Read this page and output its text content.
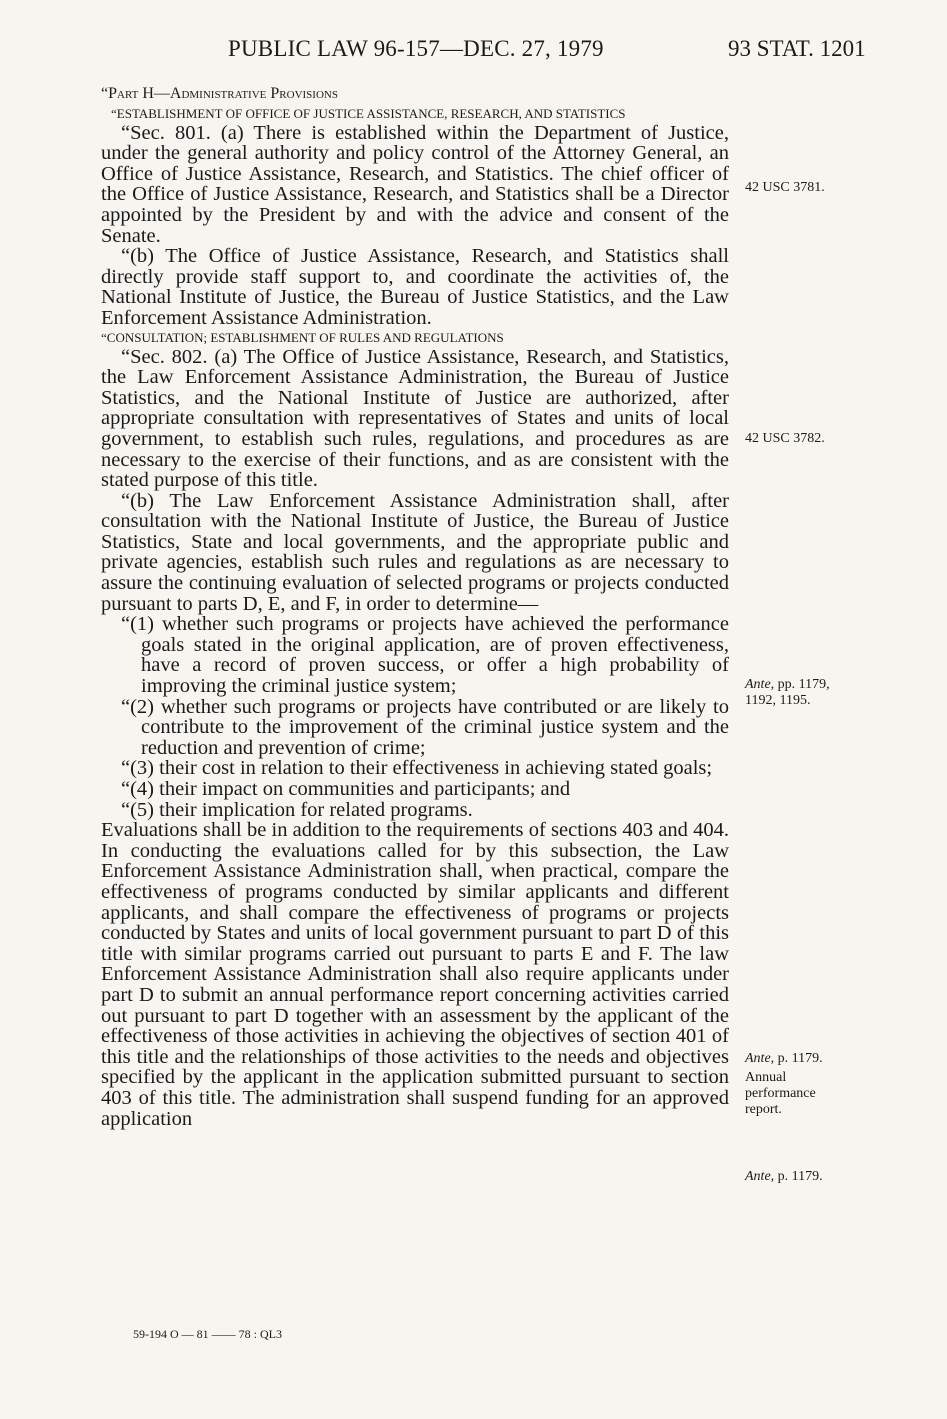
PUBLIC LAW 96-157—DEC. 27, 1979	93 STAT. 1201

“Part H—Administrative Provisions

“ESTABLISHMENT OF OFFICE OF JUSTICE ASSISTANCE, RESEARCH, AND STATISTICS

“Sec. 801. (a) There is established within the Department of Justice, under the general authority and policy control of the Attorney General, an Office of Justice Assistance, Research, and Statistics. The chief officer of the Office of Justice Assistance, Research, and Statistics shall be a Director appointed by the President by and with the advice and consent of the Senate.

“(b) The Office of Justice Assistance, Research, and Statistics shall directly provide staff support to, and coordinate the activities of, the National Institute of Justice, the Bureau of Justice Statistics, and the Law Enforcement Assistance Administration.

“CONSULTATION; ESTABLISHMENT OF RULES AND REGULATIONS

“Sec. 802. (a) The Office of Justice Assistance, Research, and Statistics, the Law Enforcement Assistance Administration, the Bureau of Justice Statistics, and the National Institute of Justice are authorized, after appropriate consultation with representatives of States and units of local government, to establish such rules, regulations, and procedures as are necessary to the exercise of their functions, and as are consistent with the stated purpose of this title.

“(b) The Law Enforcement Assistance Administration shall, after consultation with the National Institute of Justice, the Bureau of Justice Statistics, State and local governments, and the appropriate public and private agencies, establish such rules and regulations as are necessary to assure the continuing evaluation of selected programs or projects conducted pursuant to parts D, E, and F, in order to determine—

“(1) whether such programs or projects have achieved the performance goals stated in the original application, are of proven effectiveness, have a record of proven success, or offer a high probability of improving the criminal justice system;

“(2) whether such programs or projects have contributed or are likely to contribute to the improvement of the criminal justice system and the reduction and prevention of crime;

“(3) their cost in relation to their effectiveness in achieving stated goals;

“(4) their impact on communities and participants; and

“(5) their implication for related programs.

Evaluations shall be in addition to the requirements of sections 403 and 404. In conducting the evaluations called for by this subsection, the Law Enforcement Assistance Administration shall, when practical, compare the effectiveness of programs conducted by similar applicants and different applicants, and shall compare the effectiveness of programs or projects conducted by States and units of local government pursuant to part D of this title with similar programs carried out pursuant to parts E and F. The law Enforcement Assistance Administration shall also require applicants under part D to submit an annual performance report concerning activities carried out pursuant to part D together with an assessment by the applicant of the effectiveness of those activities in achieving the objectives of section 401 of this title and the relationships of those activities to the needs and objectives specified by the applicant in the application submitted pursuant to section 403 of this title. The administration shall suspend funding for an approved application

42 USC 3781.
42 USC 3782.
Ante, pp. 1179,
1192, 1195.
Ante, p. 1179.
Annual
performance
report.
Ante, p. 1179.
59-194 O — 81 —— 78 : QL3
